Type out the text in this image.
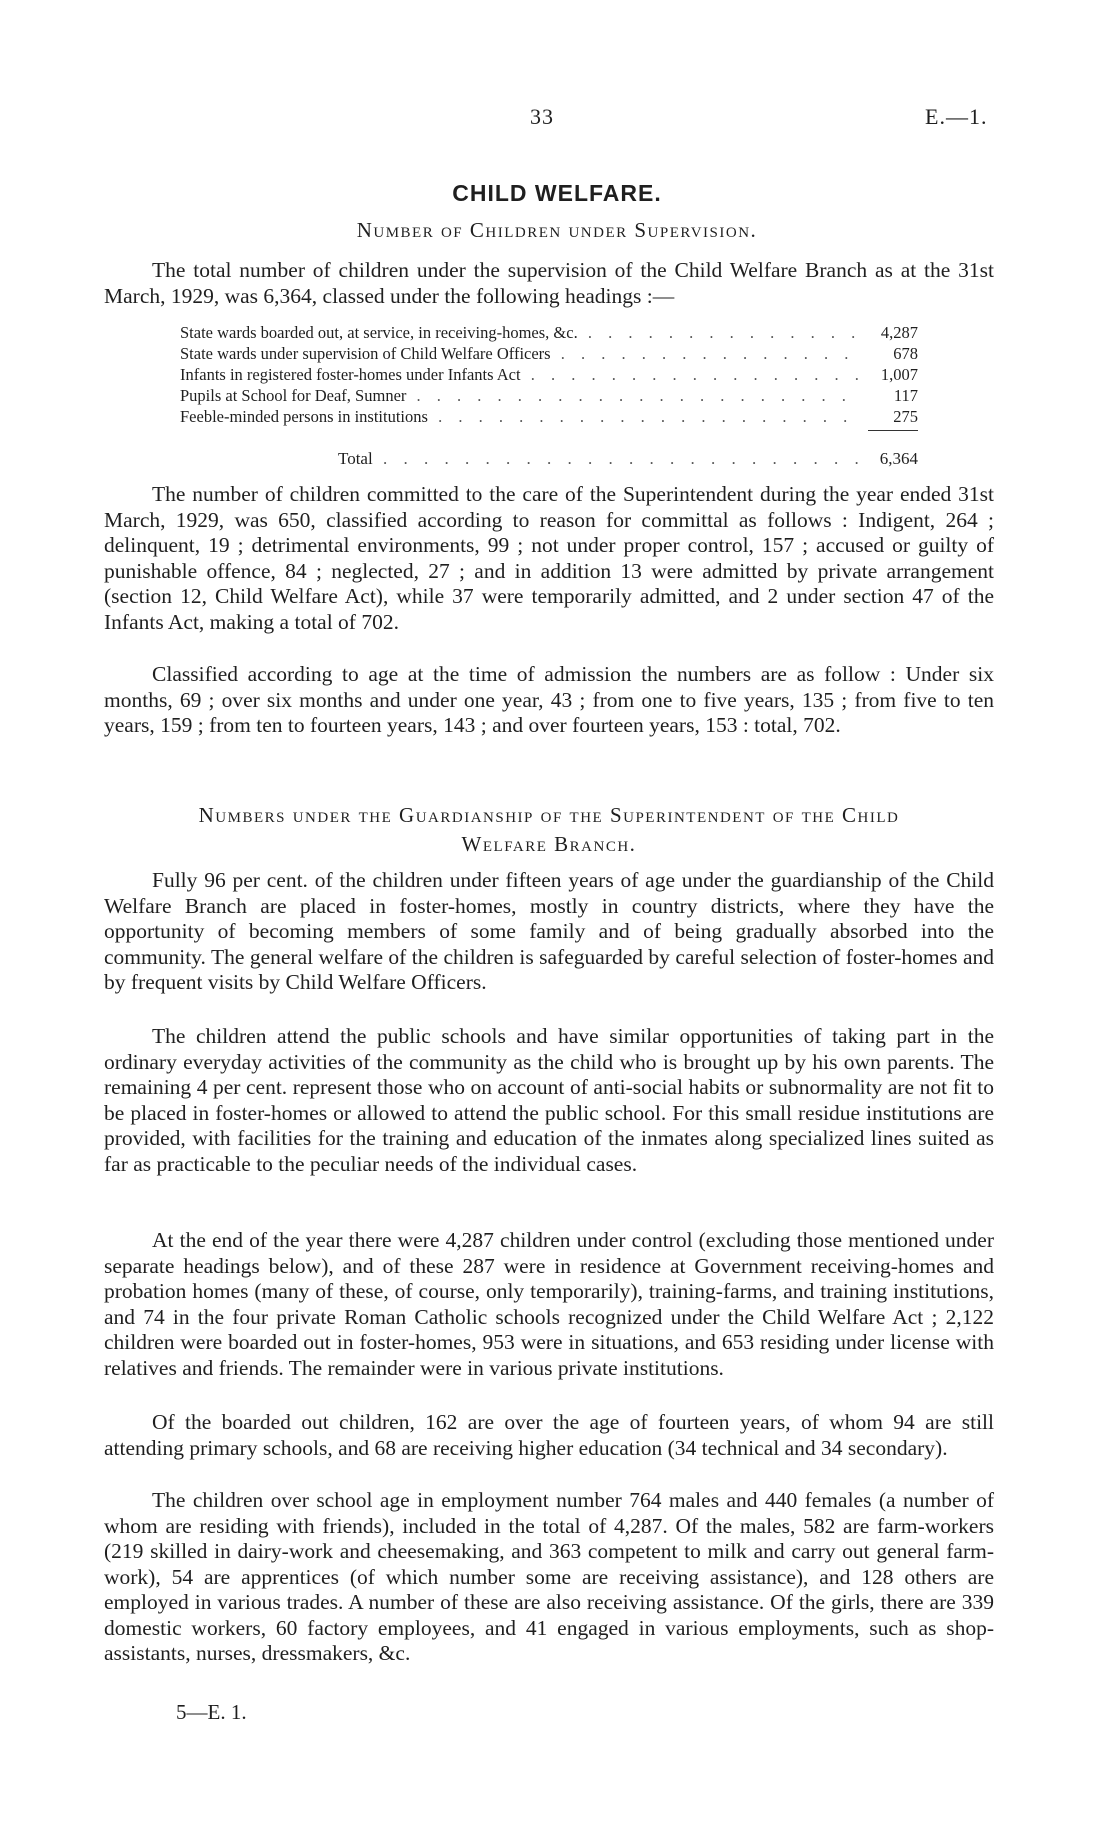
33	E.—1.
CHILD WELFARE.
Number of Children under Supervision.

The total number of children under the supervision of the Child Welfare Branch as at the 31st March, 1929, was 6,364, classed under the following headings :—

State wards boarded out, at service, in receiving-homes, &c. . . .	4,287
State wards under supervision of Child Welfare Officers . . .	678
Infants in registered foster-homes under Infants Act . . .	1,007
Pupils at School for Deaf, Sumner . . .	117
Feeble-minded persons in institutions . . .	275
Total . . .	6,364

The number of children committed to the care of the Superintendent during the year ended 31st March, 1929, was 650, classified according to reason for committal as follows : Indigent, 264 ; delinquent, 19 ; detrimental environments, 99 ; not under proper control, 157 ; accused or guilty of punishable offence, 84 ; neglected, 27 ; and in addition 13 were admitted by private arrangement (section 12, Child Welfare Act), while 37 were temporarily admitted, and 2 under section 47 of the Infants Act, making a total of 702.

Classified according to age at the time of admission the numbers are as follow : Under six months, 69 ; over six months and under one year, 43 ; from one to five years, 135 ; from five to ten years, 159 ; from ten to fourteen years, 143 ; and over fourteen years, 153 : total, 702.

Numbers under the Guardianship of the Superintendent of the Child
Welfare Branch.

Fully 96 per cent. of the children under fifteen years of age under the guardianship of the Child Welfare Branch are placed in foster-homes, mostly in country districts, where they have the opportunity of becoming members of some family and of being gradually absorbed into the community. The general welfare of the children is safeguarded by careful selection of foster-homes and by frequent visits by Child Welfare Officers.

The children attend the public schools and have similar opportunities of taking part in the ordinary everyday activities of the community as the child who is brought up by his own parents. The remaining 4 per cent. represent those who on account of anti-social habits or subnormality are not fit to be placed in foster-homes or allowed to attend the public school. For this small residue institutions are provided, with facilities for the training and education of the inmates along specialized lines suited as far as practicable to the peculiar needs of the individual cases.

At the end of the year there were 4,287 children under control (excluding those mentioned under separate headings below), and of these 287 were in residence at Government receiving-homes and probation homes (many of these, of course, only temporarily), training-farms, and training institutions, and 74 in the four private Roman Catholic schools recognized under the Child Welfare Act ; 2,122 children were boarded out in foster-homes, 953 were in situations, and 653 residing under license with relatives and friends. The remainder were in various private institutions.

Of the boarded out children, 162 are over the age of fourteen years, of whom 94 are still attending primary schools, and 68 are receiving higher education (34 technical and 34 secondary).

The children over school age in employment number 764 males and 440 females (a number of whom are residing with friends), included in the total of 4,287. Of the males, 582 are farm-workers (219 skilled in dairy-work and cheesemaking, and 363 competent to milk and carry out general farm-work), 54 are apprentices (of which number some are receiving assistance), and 128 others are employed in various trades. A number of these are also receiving assistance. Of the girls, there are 339 domestic workers, 60 factory employees, and 41 engaged in various employments, such as shop-assistants, nurses, dressmakers, &c.

5—E. 1.
